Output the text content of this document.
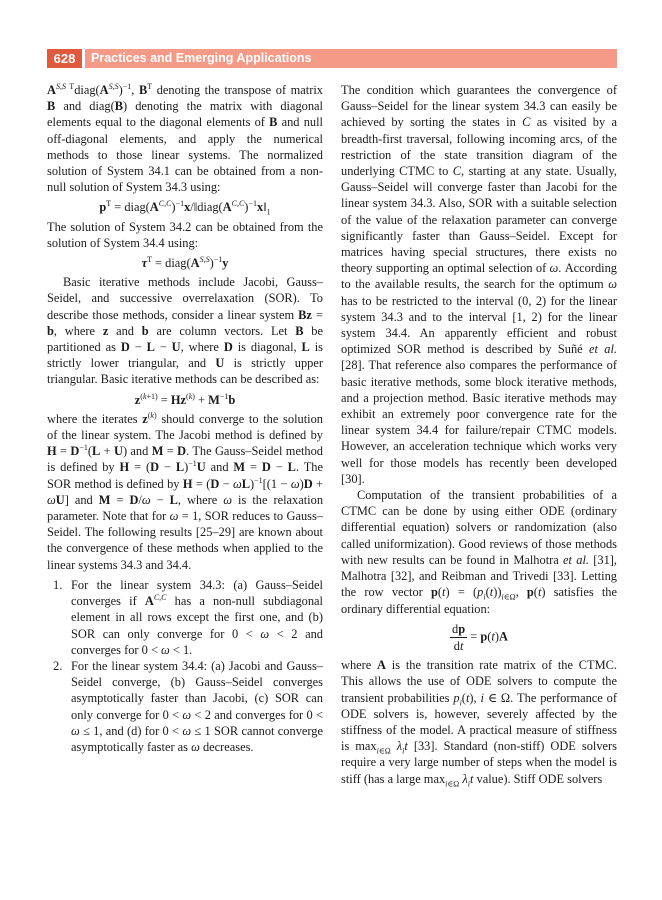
628	Practices and Emerging Applications

$A^{S,S}$ $^Tdiag(A^{S,S})^{-1}$, $B^T$ denoting the transpose of matrix B and diag(B) denoting the matrix with diagonal elements equal to the diagonal elements of B and null off-diagonal elements, and apply the numerical methods to those linear systems. The normalized solution of System 34.1 can be obtained from a non-null solution of System 34.3 using:

$p^T$ = $diag(A^{C,C})^{-1}x/‖diag(A^{C,C})^{-1}x‖_1$

The solution of System 34.2 can be obtained from the solution of System 34.4 using:

$\tau^T$ = $diag(A^{S,S})^{-1}y$

Basic iterative methods include Jacobi, Gauss–Seidel, and successive overrelaxation (SOR). To describe those methods, consider a linear system Bz = b, where z and b are column vectors. Let B be partitioned as D − L − U, where D is diagonal, L is strictly lower triangular, and U is strictly upper triangular. Basic iterative methods can be described as:

$z^{(k+1)} = Hz^{(k)} + M^{-1}b$

where the iterates $z^{(k)}$ should converge to the solution of the linear system. The Jacobi method is defined by $H = D^{-1}(L + U)$ and M = D. The Gauss–Seidel method is defined by $H = (D - L)^{-1}U$ and M = D − L. The SOR method is defined by $H = (D - \omega L)^{-1}[(1 - \omega)D + \omega U]$ and M = D/ω − L, where ω is the relaxation parameter. Note that for ω = 1, SOR reduces to Gauss–Seidel. The following results [25–29] are known about the convergence of these methods when applied to the linear systems 34.3 and 34.4.

1. For the linear system 34.3: (a) Gauss–Seidel converges if $A^{C,C}$ has a non-null subdiagonal element in all rows except the first one, and (b) SOR can only converge for 0 < ω < 2 and converges for 0 < ω < 1.
2. For the linear system 34.4: (a) Jacobi and Gauss–Seidel converge, (b) Gauss–Seidel converges asymptotically faster than Jacobi, (c) SOR can only converge for 0 < ω < 2 and converges for 0 < ω ≤ 1, and (d) for 0 < ω ≤ 1 SOR cannot converge asymptotically faster as ω decreases.

The condition which guarantees the convergence of Gauss–Seidel for the linear system 34.3 can easily be achieved by sorting the states in C as visited by a breadth-first traversal, following incoming arcs, of the restriction of the state transition diagram of the underlying CTMC to C, starting at any state. Usually, Gauss–Seidel will converge faster than Jacobi for the linear system 34.3. Also, SOR with a suitable selection of the value of the relaxation parameter can converge significantly faster than Gauss–Seidel. Except for matrices having special structures, there exists no theory supporting an optimal selection of ω. According to the available results, the search for the optimum ω has to be restricted to the interval (0, 2) for the linear system 34.3 and to the interval [1, 2) for the linear system 34.4. An apparently efficient and robust optimized SOR method is described by Suñé et al. [28]. That reference also compares the performance of basic iterative methods, some block iterative methods, and a projection method. Basic iterative methods may exhibit an extremely poor convergence rate for the linear system 34.4 for failure/repair CTMC models. However, an acceleration technique which works very well for those models has recently been developed [30].

Computation of the transient probabilities of a CTMC can be done by using either ODE (ordinary differential equation) solvers or randomization (also called uniformization). Good reviews of those methods with new results can be found in Malhotra et al. [31], Malhotra [32], and Reibman and Trivedi [33]. Letting the row vector $p(t) = (p_i(t))_{i\in\Omega}$, p(t) satisfies the ordinary differential equation:

$\frac{dp}{dt} = p(t)A$

where A is the transition rate matrix of the CTMC. This allows the use of ODE solvers to compute the transient probabilities $p_i(t)$, i ∈ Ω. The performance of ODE solvers is, however, severely affected by the stiffness of the model. A practical measure of stiffness is $\max_{i\in\Omega} \lambda_it$ [33]. Standard (non-stiff) ODE solvers require a very large number of steps when the model is stiff (has a large $\max_{i\in\Omega} \lambda_it$ value). Stiff ODE solvers
